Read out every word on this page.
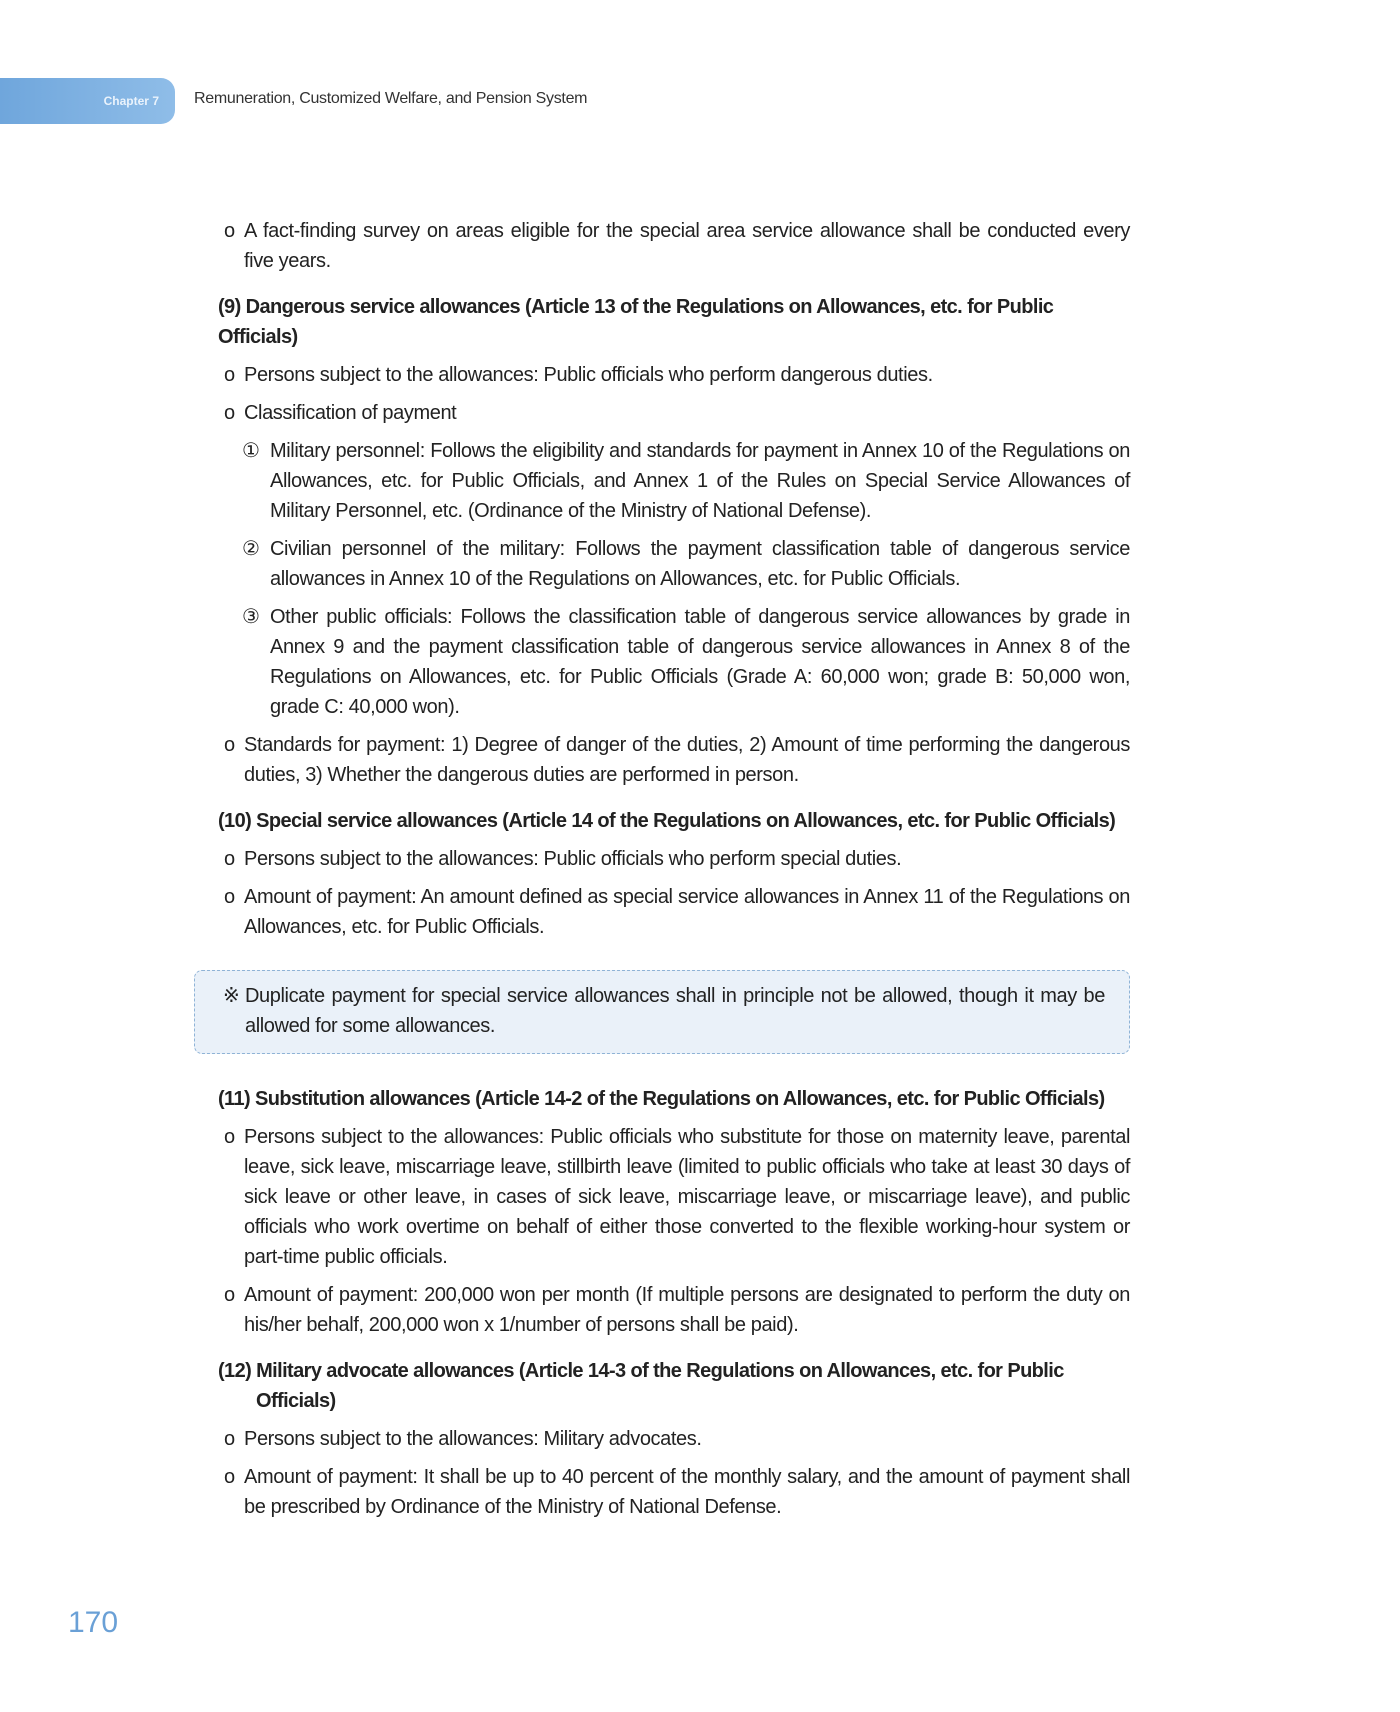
Chapter 7 Remuneration, Customized Welfare, and Pension System
o A fact-finding survey on areas eligible for the special area service allowance shall be conducted every five years.
(9) Dangerous service allowances (Article 13 of the Regulations on Allowances, etc. for Public Officials)
o Persons subject to the allowances: Public officials who perform dangerous duties.
o Classification of payment
① Military personnel: Follows the eligibility and standards for payment in Annex 10 of the Regulations on Allowances, etc. for Public Officials, and Annex 1 of the Rules on Special Service Allowances of Military Personnel, etc. (Ordinance of the Ministry of National Defense).
② Civilian personnel of the military: Follows the payment classification table of dangerous service allowances in Annex 10 of the Regulations on Allowances, etc. for Public Officials.
③ Other public officials: Follows the classification table of dangerous service allowances by grade in Annex 9 and the payment classification table of dangerous service allowances in Annex 8 of the Regulations on Allowances, etc. for Public Officials (Grade A: 60,000 won; grade B: 50,000 won, grade C: 40,000 won).
o Standards for payment: 1) Degree of danger of the duties, 2) Amount of time performing the dangerous duties, 3) Whether the dangerous duties are performed in person.
(10) Special service allowances (Article 14 of the Regulations on Allowances, etc. for Public Officials)
o Persons subject to the allowances: Public officials who perform special duties.
o Amount of payment: An amount defined as special service allowances in Annex 11 of the Regulations on Allowances, etc. for Public Officials.
※ Duplicate payment for special service allowances shall in principle not be allowed, though it may be allowed for some allowances.
(11) Substitution allowances (Article 14-2 of the Regulations on Allowances, etc. for Public Officials)
o Persons subject to the allowances: Public officials who substitute for those on maternity leave, parental leave, sick leave, miscarriage leave, stillbirth leave (limited to public officials who take at least 30 days of sick leave or other leave, in cases of sick leave, miscarriage leave, or miscarriage leave), and public officials who work overtime on behalf of either those converted to the flexible working-hour system or part-time public officials.
o Amount of payment: 200,000 won per month (If multiple persons are designated to perform the duty on his/her behalf, 200,000 won x 1/number of persons shall be paid).
(12) Military advocate allowances (Article 14-3 of the Regulations on Allowances, etc. for Public
Officials)
o Persons subject to the allowances: Military advocates.
o Amount of payment: It shall be up to 40 percent of the monthly salary, and the amount of payment shall be prescribed by Ordinance of the Ministry of National Defense.
170
